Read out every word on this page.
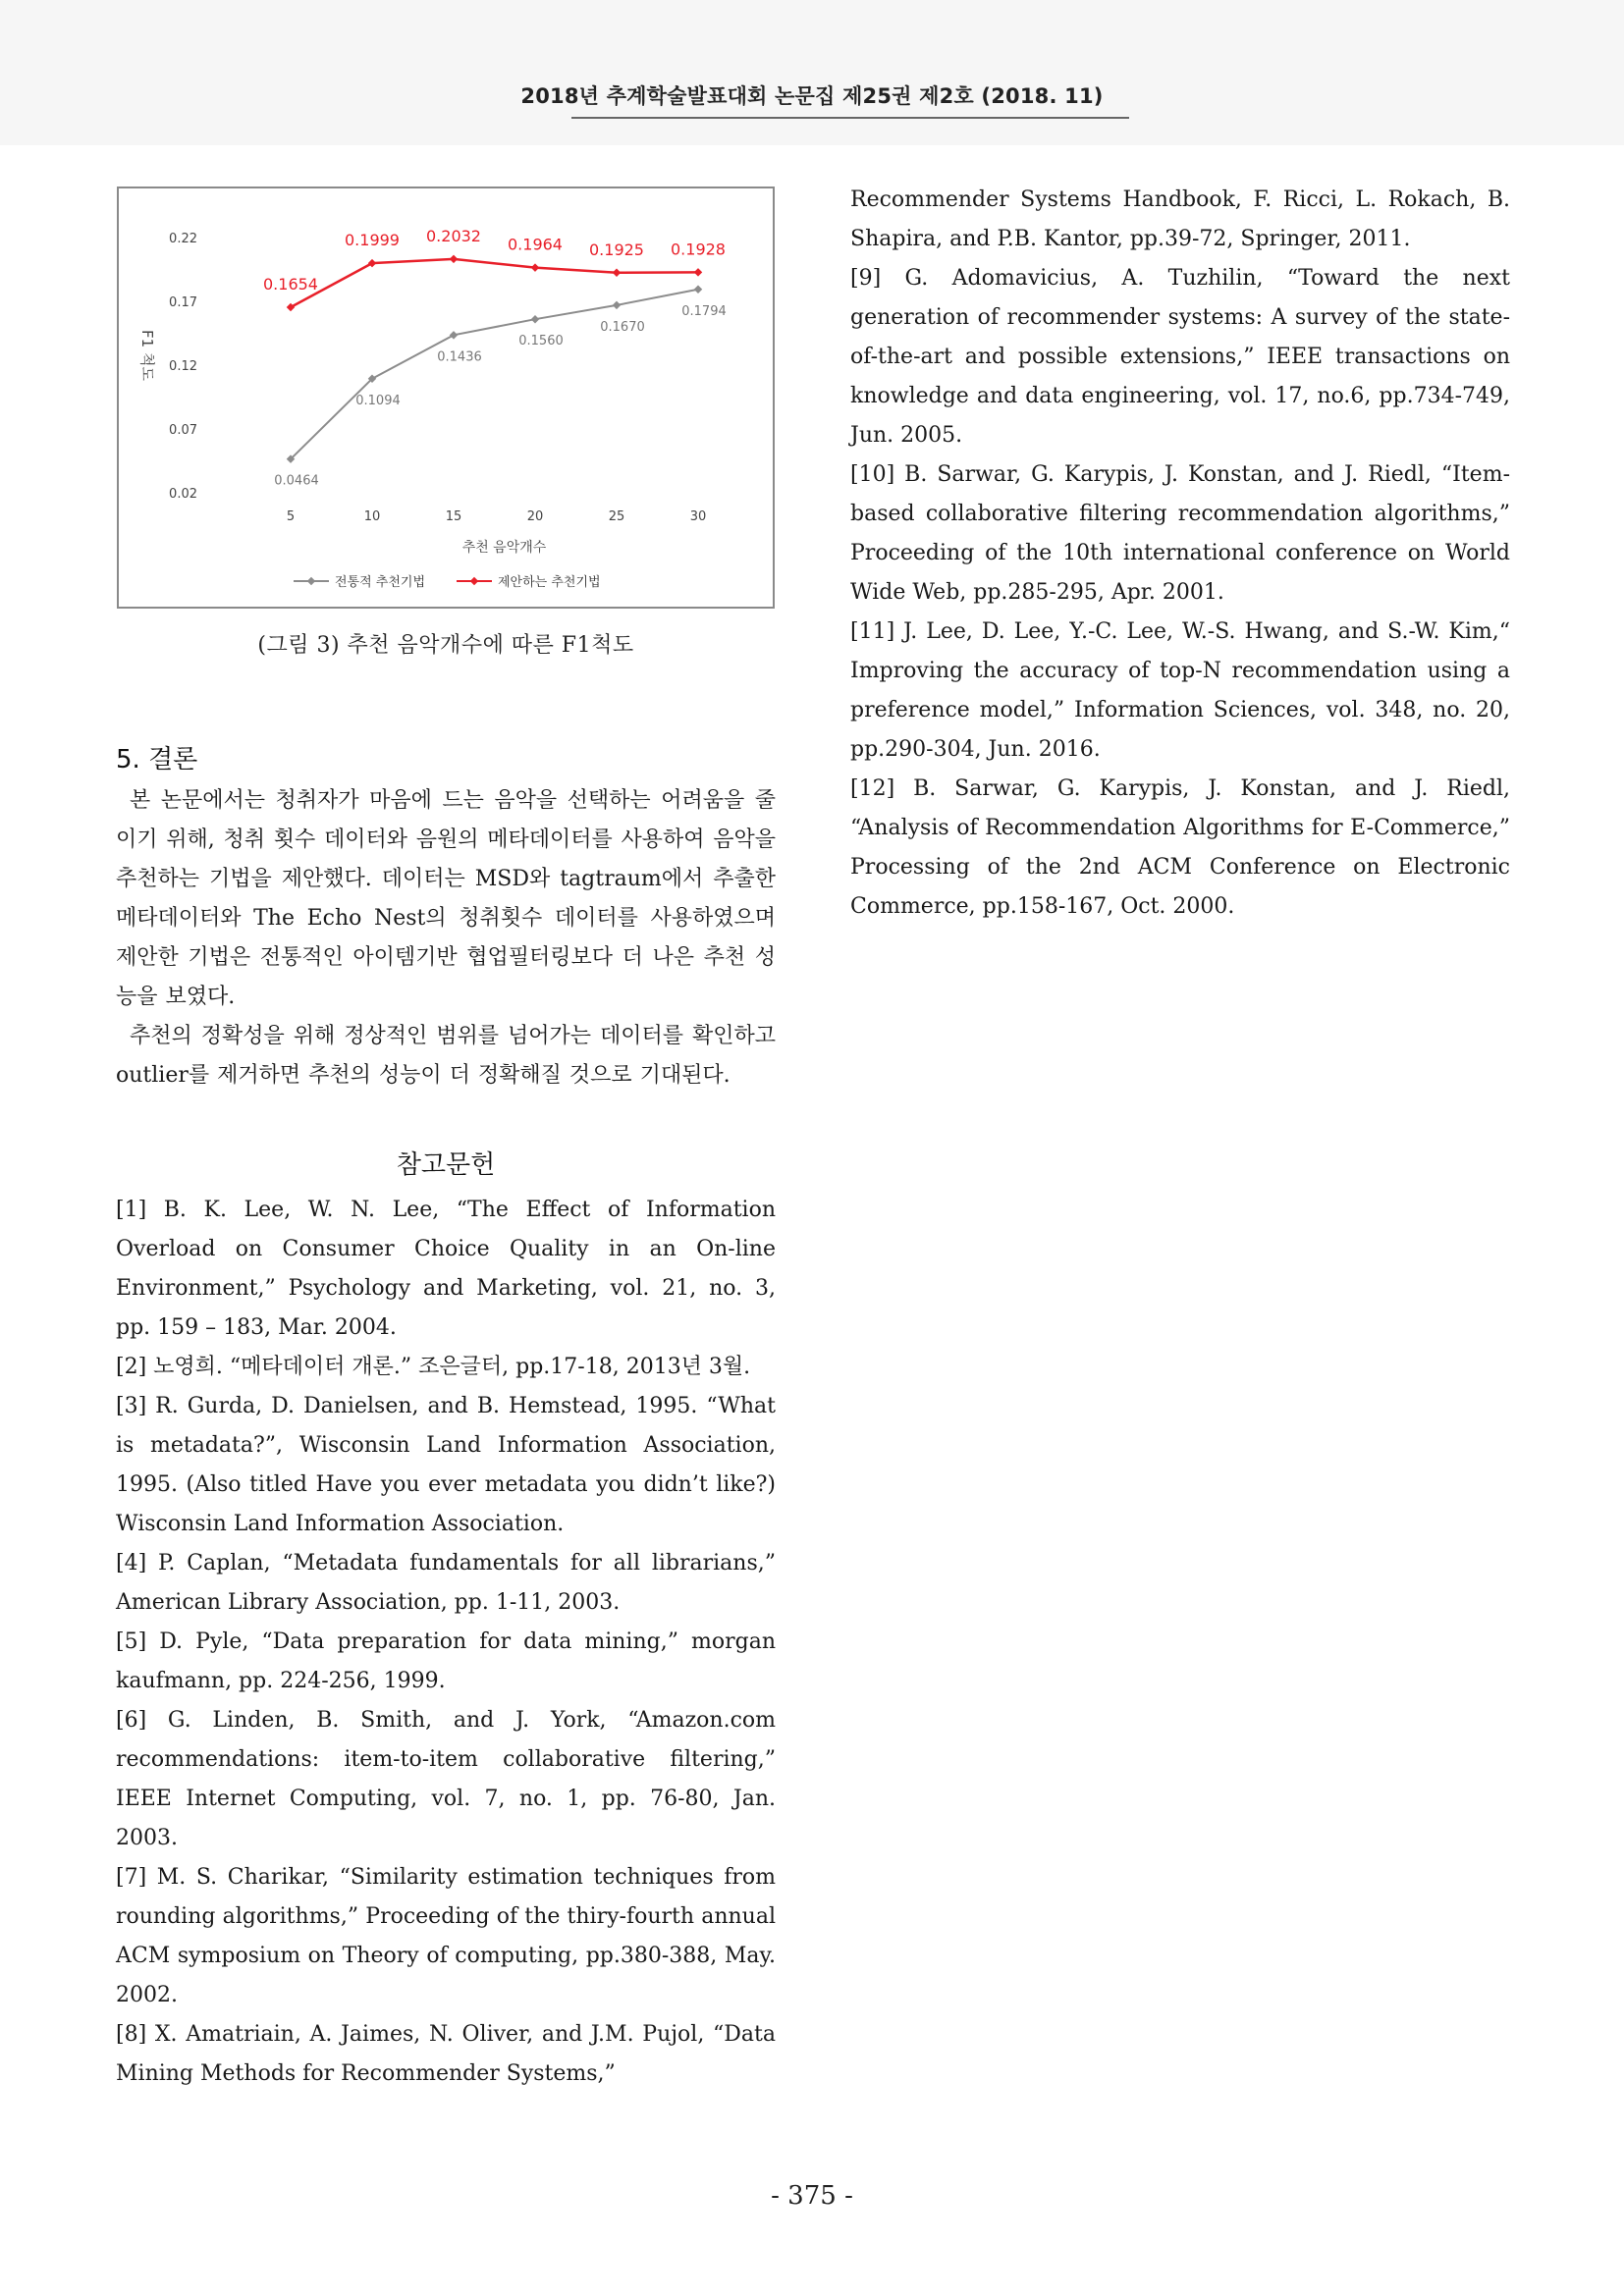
2018년 추계학술발표대회 논문집 제25권 제2호 (2018. 11)
0.22
0.17
0.12
0.07
0.02
5	10	15	20	25	30
추천 음악개수
F1 척도
0.0464
0.1094
0.1436
0.1560
0.1670
0.1794
0.1654
0.1999 0.2032 0.1964 0.1925 0.1928
전통적 추천기법	제안하는 추천기법
(그림 3) 추천 음악개수에 따른 F1척도
5. 결론

본 논문에서는 청취자가 마음에 드는 음악을 선택하는 어려움을 줄이기 위해, 청취 횟수 데이터와 음원의 메타데이터를 사용하여 음악을 추천하는 기법을 제안했다. 데이터는 MSD와 tagtraum에서 추출한 메타데이터와 The Echo Nest의 청취횟수 데이터를 사용하였으며 제안한 기법은 전통적인 아이템기반 협업필터링보다 더 나은 추천 성능을 보였다.

추천의 정확성을 위해 정상적인 범위를 넘어가는 데이터를 확인하고 outlier를 제거하면 추천의 성능이 더 정확해질 것으로 기대된다.

참고문헌

[1] B. K. Lee, W. N. Lee, “The Effect of Information Overload on Consumer Choice Quality in an On-line Environment,” Psychology and Marketing, vol. 21, no. 3, pp. 159 – 183, Mar. 2004.

[2] 노영희. “메타데이터 개론.” 조은글터, pp.17-18, 2013년 3월.

[3] R. Gurda, D. Danielsen, and B. Hemstead, 1995. “What is metadata?”, Wisconsin Land Information Association, 1995. (Also titled Have you ever metadata you didn’t like?) Wisconsin Land Information Association.

[4] P. Caplan, “Metadata fundamentals for all librarians,” American Library Association, pp. 1-11, 2003.

[5] D. Pyle, “Data preparation for data mining,” morgan kaufmann, pp. 224-256, 1999.

[6] G. Linden, B. Smith, and J. York, “Amazon.com recommendations: item-to-item collaborative filtering,” IEEE Internet Computing, vol. 7, no. 1, pp. 76-80, Jan. 2003.

[7] M. S. Charikar, “Similarity estimation techniques from rounding algorithms,” Proceeding of the thiry-fourth annual ACM symposium on Theory of computing, pp.380-388, May. 2002.

[8] X. Amatriain, A. Jaimes, N. Oliver, and J.M. Pujol, “Data Mining Methods for Recommender Systems,”

Recommender Systems Handbook, F. Ricci, L. Rokach, B. Shapira, and P.B. Kantor, pp.39-72, Springer, 2011.

[9] G. Adomavicius, A. Tuzhilin, “Toward the next generation of recommender systems: A survey of the state-of-the-art and possible extensions,” IEEE transactions on knowledge and data engineering, vol. 17, no.6, pp.734-749, Jun. 2005.

[10] B. Sarwar, G. Karypis, J. Konstan, and J. Riedl, “Item-based collaborative filtering recommendation algorithms,” Proceeding of the 10th international conference on World Wide Web, pp.285-295, Apr. 2001.

[11] J. Lee, D. Lee, Y.-C. Lee, W.-S. Hwang, and S.-W. Kim,“ Improving the accuracy of top-N recommendation using a preference model,” Information Sciences, vol. 348, no. 20, pp.290-304, Jun. 2016.

[12] B. Sarwar, G. Karypis, J. Konstan, and J. Riedl, “Analysis of Recommendation Algorithms for E-Commerce,” Processing of the 2nd ACM Conference on Electronic Commerce, pp.158-167, Oct. 2000.

- 375 -
